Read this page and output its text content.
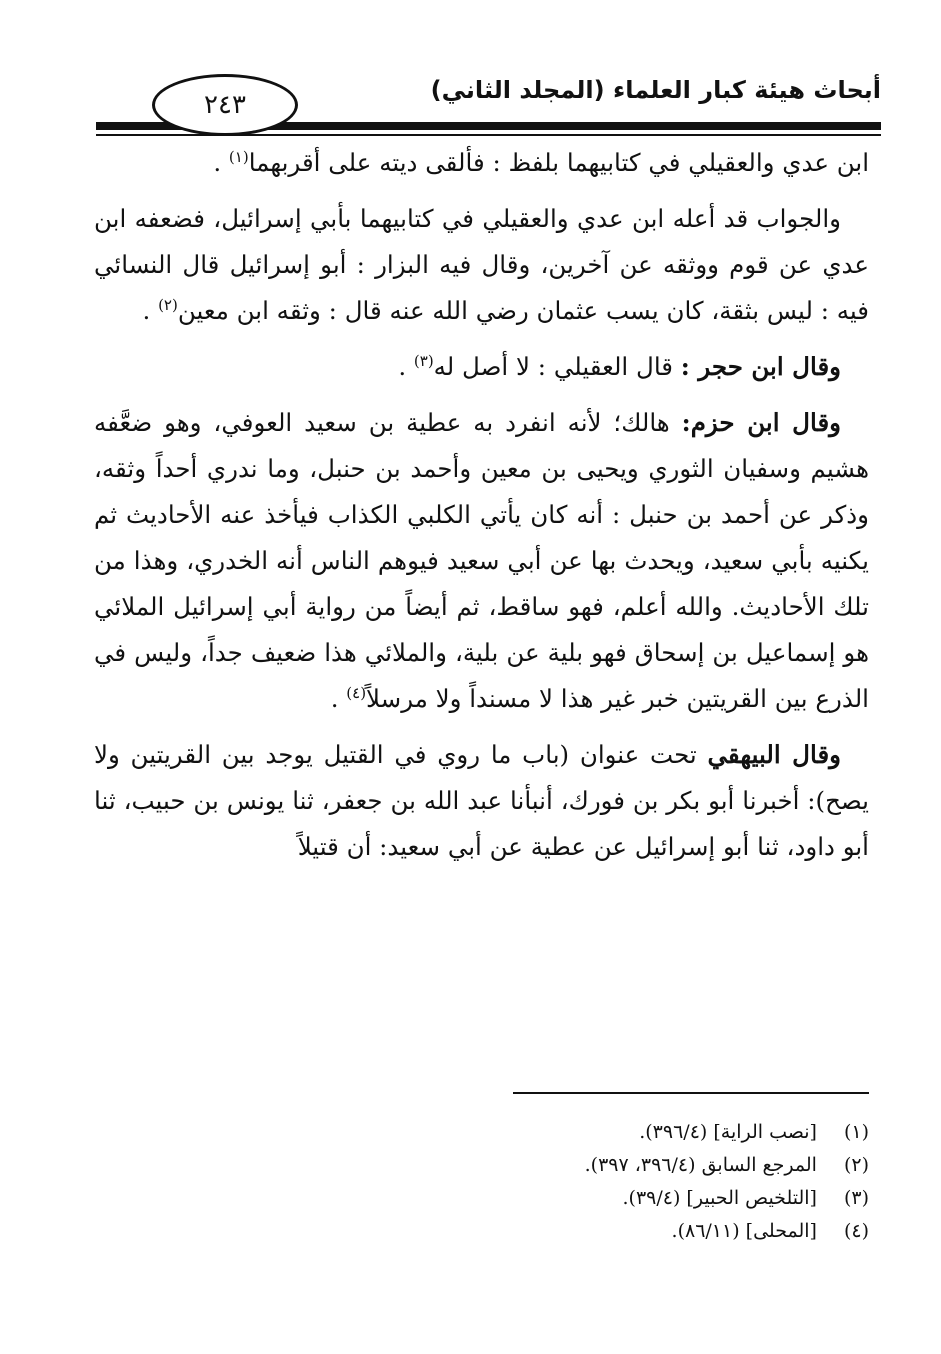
أبحاث هيئة كبار العلماء (المجلد الثاني)
٢٤٣

ابن عدي والعقيلي في كتابيهما بلفظ : فألقى ديته على أقربهما$^{(١)}$ .

والجواب قد أعله ابن عدي والعقيلي في كتابيهما بأبي إسرائيل، فضعفه ابن عدي عن قوم ووثقه عن آخرين، وقال فيه البزار : أبو إسرائيل قال النسائي فيه : ليس بثقة، كان يسب عثمان رضي الله عنه قال : وثقه ابن معين$^{(٢)}$ .

وقال ابن حجر : قال العقيلي : لا أصل له$^{(٣)}$ .

وقال ابن حزم: هالك؛ لأنه انفرد به عطية بن سعيد العوفي، وهو ضعَّفه هشيم وسفيان الثوري ويحيى بن معين وأحمد بن حنبل، وما ندري أحداً وثقه، وذكر عن أحمد بن حنبل : أنه كان يأتي الكلبي الكذاب فيأخذ عنه الأحاديث ثم يكنيه بأبي سعيد، ويحدث بها عن أبي سعيد فيوهم الناس أنه الخدري، وهذا من تلك الأحاديث. والله أعلم، فهو ساقط، ثم أيضاً من رواية أبي إسرائيل الملائي هو إسماعيل بن إسحاق فهو بلية عن بلية، والملائي هذا ضعيف جداً، وليس في الذرع بين القريتين خبر غير هذا لا مسنداً ولا مرسلاً$^{(٤)}$ .

وقال البيهقي تحت عنوان (باب ما روي في القتيل يوجد بين القريتين ولا يصح): أخبرنا أبو بكر بن فورك، أنبأنا عبد الله بن جعفر، ثنا يونس بن حبيب، ثنا أبو داود، ثنا أبو إسرائيل عن عطية عن أبي سعيد: أن قتيلاً

(١) [نصب الراية] (٣٩٦/٤).
(٢) المرجع السابق (٣٩٦/٤، ٣٩٧).
(٣) [التلخيص الحبير] (٣٩/٤).
(٤) [المحلى] (٨٦/١١).
